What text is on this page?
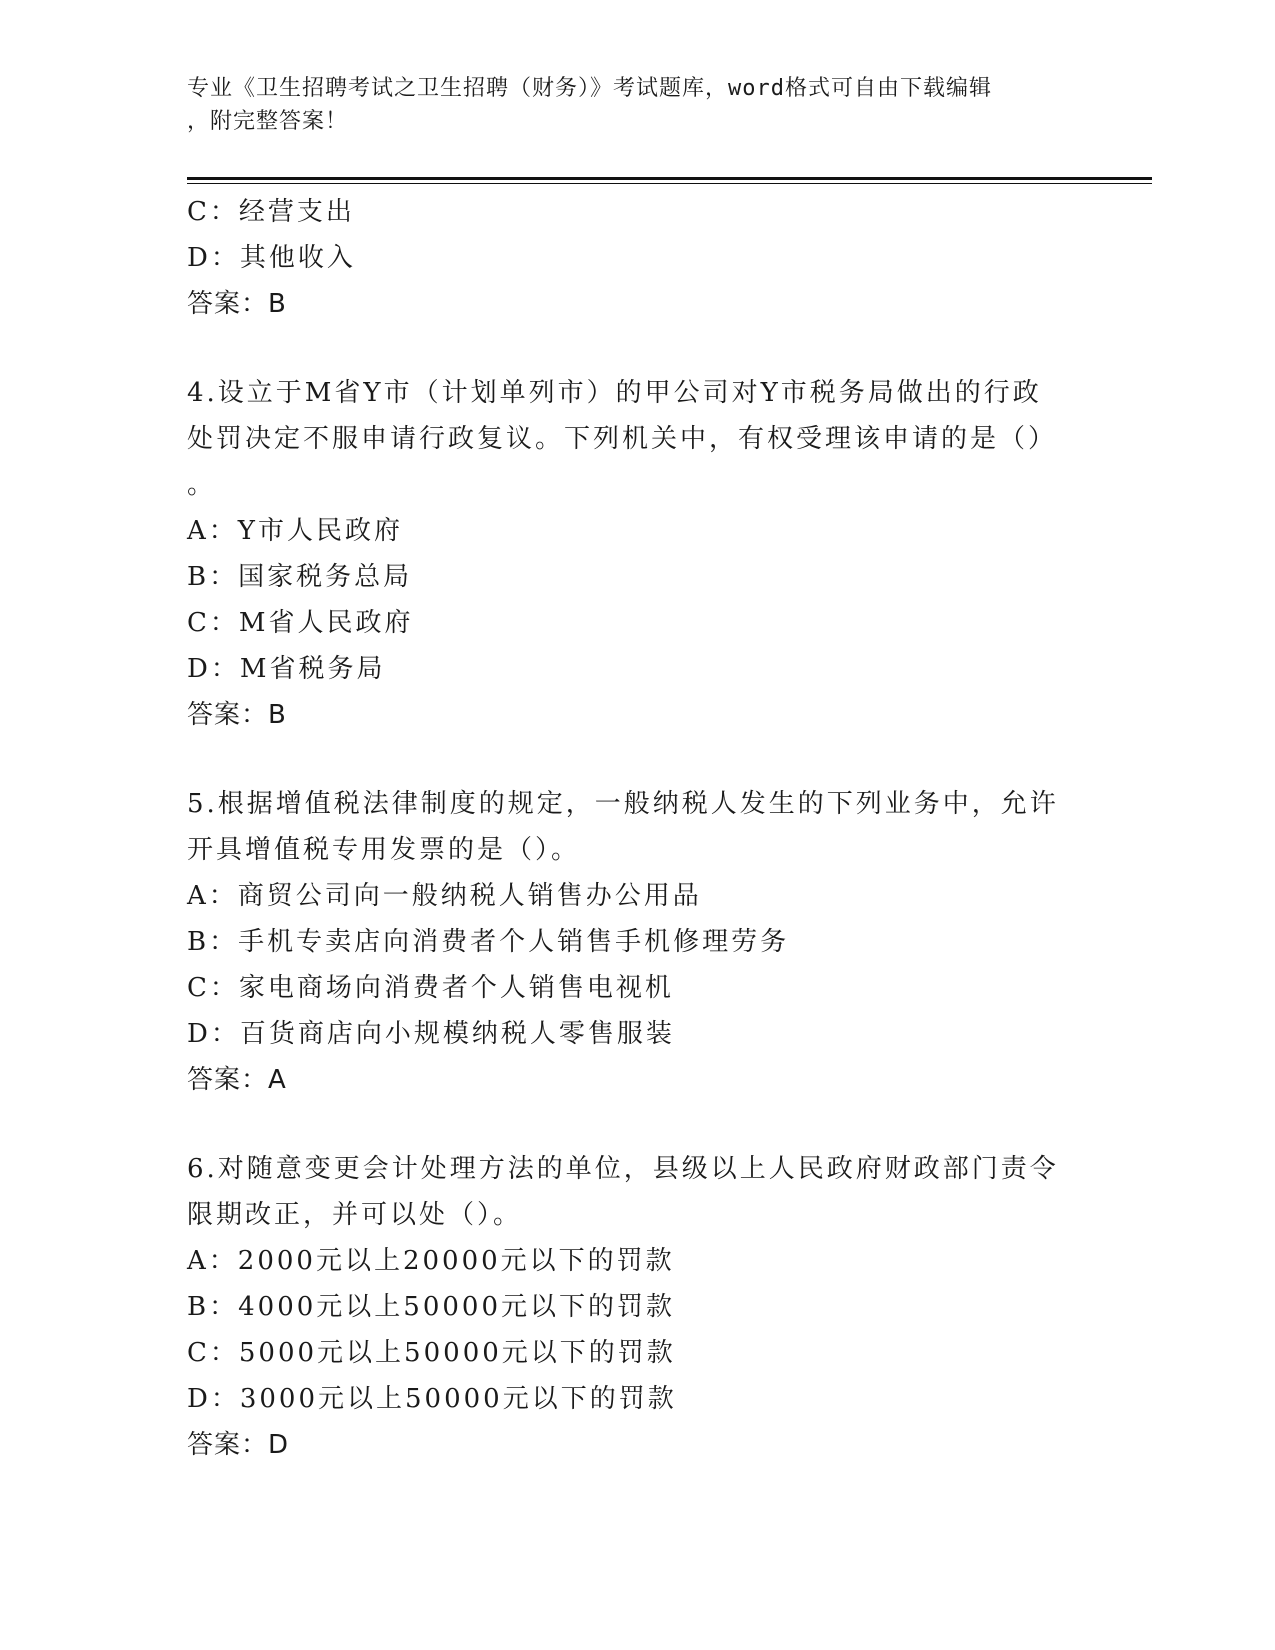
专业《卫生招聘考试之卫生招聘（财务）》考试题库，word格式可自由下载编辑
，附完整答案！
C：经营支出
D：其他收入
答案：B
4.设立于M省Y市（计划单列市）的甲公司对Y市税务局做出的行政
处罚决定不服申请行政复议。下列机关中，有权受理该申请的是（）
。
A：Y市人民政府
B：国家税务总局
C：M省人民政府
D：M省税务局
答案：B
5.根据增值税法律制度的规定，一般纳税人发生的下列业务中，允许
开具增值税专用发票的是（）。
A：商贸公司向一般纳税人销售办公用品
B：手机专卖店向消费者个人销售手机修理劳务
C：家电商场向消费者个人销售电视机
D：百货商店向小规模纳税人零售服装
答案：A
6.对随意变更会计处理方法的单位，县级以上人民政府财政部门责令
限期改正，并可以处（）。
A：2000元以上20000元以下的罚款
B：4000元以上50000元以下的罚款
C：5000元以上50000元以下的罚款
D：3000元以上50000元以下的罚款
答案：D
